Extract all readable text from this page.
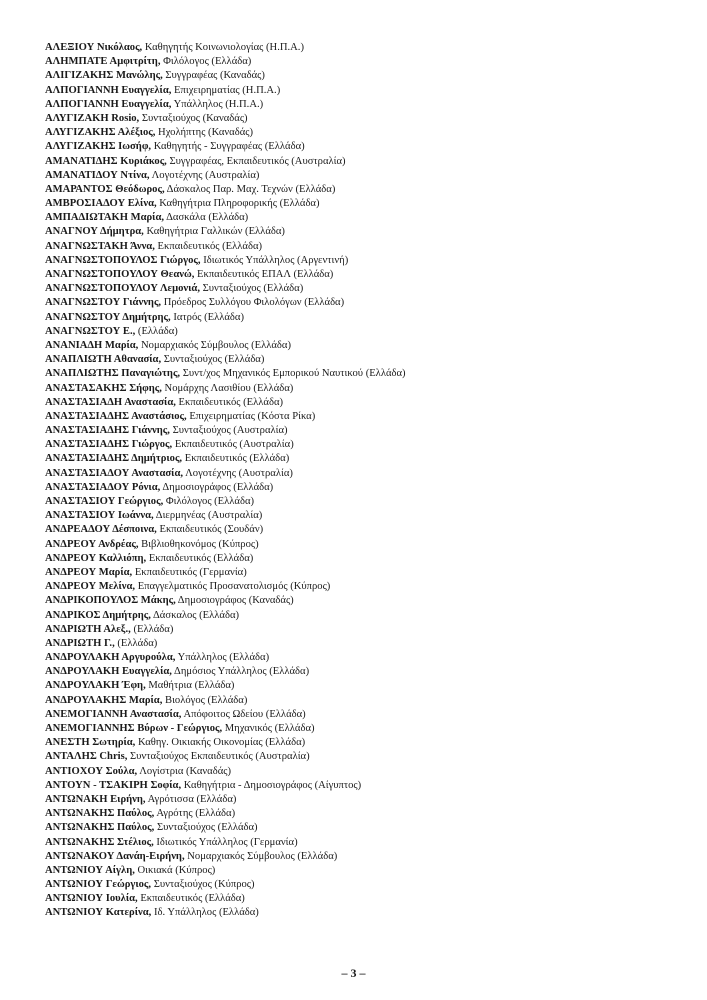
ΑΛΕΞΙΟΥ Νικόλαος, Καθηγητής Κοινωνιολογίας (Η.Π.Α.)
ΑΛΗΜΠΑΤΕ Αμφιτρίτη, Φιλόλογος (Ελλάδα)
ΑΛΙΓΙΖΑΚΗΣ Μανώλης, Συγγραφέας (Καναδάς)
ΑΛΠΟΓΙΑΝΝΗ Ευαγγελία, Επιχειρηματίας (Η.Π.Α.)
ΑΛΠΟΓΙΑΝΝΗ Ευαγγελία, Υπάλληλος (Η.Π.Α.)
ΑΛΥΓΙΖΑΚΗ Rosio, Συνταξιούχος (Καναδάς)
ΑΛΥΓΙΖΑΚΗΣ Αλέξιος, Ηχολήπτης (Καναδάς)
ΑΛΥΓΙΖΑΚΗΣ Ιωσήφ, Καθηγητής - Συγγραφέας (Ελλάδα)
ΑΜΑΝΑΤΙΔΗΣ Κυριάκος, Συγγραφέας, Εκπαιδευτικός (Αυστραλία)
ΑΜΑΝΑΤΙΔΟΥ Ντίνα, Λογοτέχνης (Αυστραλία)
ΑΜΑΡΑΝΤΟΣ Θεόδωρος, Δάσκαλος Παρ. Μαχ. Τεχνών (Ελλάδα)
ΑΜΒΡΟΣΙΑΔΟΥ Ελίνα, Καθηγήτρια Πληροφορικής (Ελλάδα)
ΑΜΠΑΔΙΩΤΑΚΗ Μαρία, Δασκάλα (Ελλάδα)
ΑΝΑΓΝΟΥ Δήμητρα, Καθηγήτρια Γαλλικών (Ελλάδα)
ΑΝΑΓΝΩΣΤΑΚΗ Άννα, Εκπαιδευτικός (Ελλάδα)
ΑΝΑΓΝΩΣΤΟΠΟΥΛΟΣ Γιώργος, Ιδιωτικός Υπάλληλος (Αργεντινή)
ΑΝΑΓΝΩΣΤΟΠΟΥΛΟΥ Θεανώ, Εκπαιδευτικός ΕΠΑΛ (Ελλάδα)
ΑΝΑΓΝΩΣΤΟΠΟΥΛΟΥ Λεμονιά, Συνταξιούχος (Ελλάδα)
ΑΝΑΓΝΩΣΤΟΥ Γιάννης, Πρόεδρος Συλλόγου Φιλολόγων (Ελλάδα)
ΑΝΑΓΝΩΣΤΟΥ Δημήτρης, Ιατρός (Ελλάδα)
ΑΝΑΓΝΩΣΤΟΥ Ε., (Ελλάδα)
ΑΝΑΝΙΑΔΗ Μαρία, Νομαρχιακός Σύμβουλος (Ελλάδα)
ΑΝΑΠΛΙΩΤΗ Αθανασία, Συνταξιούχος (Ελλάδα)
ΑΝΑΠΛΙΩΤΗΣ Παναγιώτης, Συντ/χος Μηχανικός Εμπορικού Ναυτικού (Ελλάδα)
ΑΝΑΣΤΑΣΑΚΗΣ Σήφης, Νομάρχης Λασιθίου (Ελλάδα)
ΑΝΑΣΤΑΣΙΑΔΗ Αναστασία, Εκπαιδευτικός (Ελλάδα)
ΑΝΑΣΤΑΣΙΑΔΗΣ Αναστάσιος, Επιχειρηματίας (Κόστα Ρίκα)
ΑΝΑΣΤΑΣΙΑΔΗΣ Γιάννης, Συνταξιούχος (Αυστραλία)
ΑΝΑΣΤΑΣΙΑΔΗΣ Γιώργος, Εκπαιδευτικός (Αυστραλία)
ΑΝΑΣΤΑΣΙΑΔΗΣ Δημήτριος, Εκπαιδευτικός (Ελλάδα)
ΑΝΑΣΤΑΣΙΑΔΟΥ Αναστασία, Λογοτέχνης (Αυστραλία)
ΑΝΑΣΤΑΣΙΑΔΟΥ Ρόνια, Δημοσιογράφος (Ελλάδα)
ΑΝΑΣΤΑΣΙΟΥ Γεώργιος, Φιλόλογος (Ελλάδα)
ΑΝΑΣΤΑΣΙΟΥ Ιωάννα, Διερμηνέας (Αυστραλία)
ΑΝΔΡΕΑΔΟΥ Δέσποινα, Εκπαιδευτικός (Σουδάν)
ΑΝΔΡΕΟΥ Ανδρέας, Βιβλιοθηκονόμος (Κύπρος)
ΑΝΔΡΕΟΥ Καλλιόπη, Εκπαιδευτικός (Ελλάδα)
ΑΝΔΡΕΟΥ Μαρία, Εκπαιδευτικός (Γερμανία)
ΑΝΔΡΕΟΥ Μελίνα, Επαγγελματικός Προσανατολισμός (Κύπρος)
ΑΝΔΡΙΚΟΠΟΥΛΟΣ Μάκης, Δημοσιογράφος (Καναδάς)
ΑΝΔΡΙΚΟΣ Δημήτρης, Δάσκαλος (Ελλάδα)
ΑΝΔΡΙΩΤΗ Αλεξ., (Ελλάδα)
ΑΝΔΡΙΩΤΗ Γ., (Ελλάδα)
ΑΝΔΡΟΥΛΑΚΗ Αργυρούλα, Υπάλληλος (Ελλάδα)
ΑΝΔΡΟΥΛΑΚΗ Ευαγγελία, Δημόσιος Υπάλληλος (Ελλάδα)
ΑΝΔΡΟΥΛΑΚΗ Έφη, Μαθήτρια (Ελλάδα)
ΑΝΔΡΟΥΛΑΚΗΣ Μαρία, Βιολόγος (Ελλάδα)
ΑΝΕΜΟΓΙΑΝΝΗ Αναστασία, Απόφοιτος Ωδείου (Ελλάδα)
ΑΝΕΜΟΓΙΑΝΝΗΣ Βύρων - Γεώργιος, Μηχανικός (Ελλάδα)
ΑΝΕΣΤΗ Σωτηρία, Καθηγ. Οικιακής Οικονομίας (Ελλάδα)
ΑΝΤΑΛΗΣ Chris, Συνταξιούχος Εκπαιδευτικός (Αυστραλία)
ΑΝΤΙΟΧΟΥ Σούλα, Λογίστρια (Καναδάς)
ΑΝΤΟΥΝ - ΤΣΑΚΙΡΗ Σοφία, Καθηγήτρια - Δημοσιογράφος (Αίγυπτος)
ΑΝΤΩΝΑΚΗ Ειρήνη, Αγρότισσα (Ελλάδα)
ΑΝΤΩΝΑΚΗΣ Παύλος, Αγρότης (Ελλάδα)
ΑΝΤΩΝΑΚΗΣ Παύλος, Συνταξιούχος (Ελλάδα)
ΑΝΤΩΝΑΚΗΣ Στέλιος, Ιδιωτικός Υπάλληλος (Γερμανία)
ΑΝΤΩΝΑΚΟΥ Δανάη-Ειρήνη, Νομαρχιακός Σύμβουλος (Ελλάδα)
ΑΝΤΩΝΙΟΥ Αίγλη, Οικιακά (Κύπρος)
ΑΝΤΩΝΙΟΥ Γεώργιος, Συνταξιούχος (Κύπρος)
ΑΝΤΩΝΙΟΥ Ιουλία, Εκπαιδευτικός (Ελλάδα)
ΑΝΤΩΝΙΟΥ Κατερίνα, Ιδ. Υπάλληλος (Ελλάδα)
– 3 –
